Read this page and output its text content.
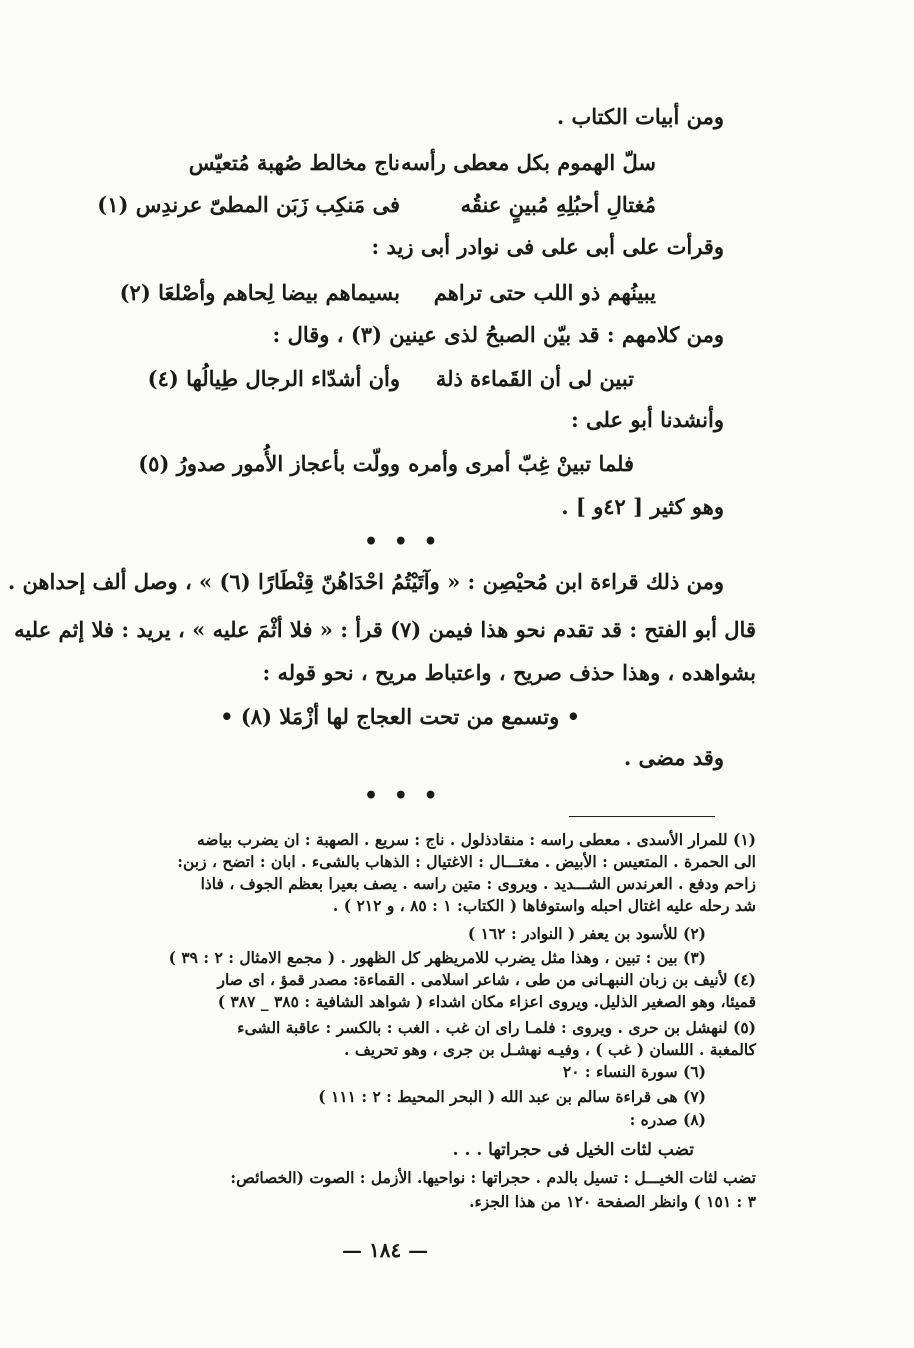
ومن أبيات الكتاب .
سلّ الهموم بكل معطى رأسه
ناج مخالط صُهبة مُتعيّس
مُغتالِ أحبُلِهِ مُبينٍ عنقُه
فى مَنكِب زَبَن المطىّ عرندِس (١)
وقرأت على أبى على فى نوادر أبى زيد :
يبينُهم ذو اللب حتى تراهم
بسيماهم بيضا لِحاهم وأصْلعَا (٢)
ومن كلامهم : قد بيّن الصبحُ لذى عينين (٣) ، وقال :
تبين لى أن القَماءة ذلة
وأن أشدّاء الرجال طِيالُها (٤)
وأنشدنا أبو على :
فلما تبينْ غِبّ أمرى وأمره
وولّت بأعجاز الأُمور صدورُ (٥)
وهو كثير [ ٤٢و ] .
• • •
ومن ذلك قراءة ابن مُحيْصِن : « وآتَيْتُمُ احْدَاهُنّ قِنْطَارًا (٦) » ، وصل ألف إحداهن .
قال أبو الفتح : قد تقدم نحو هذا فيمن (٧) قرأ : « فلا أثْمَ عليه » ، يريد : فلا إثم عليه
بشواهده ، وهذا حذف صريح ، واعتباط مريح ، نحو قوله :
• وتسمع من تحت العجاج لها أزْمَلا (٨) •
وقد مضى .
• • •
(١) للمرار الأسدى . معطى راسه : منقادذلول . ناج : سريع . الصهبة : ان يضرب بياضه
الى الحمرة . المتعيس : الأبيض . مغتـــال : الاغتيال : الذهاب بالشىء . ابان : اتضح ، زبن:
زاحم ودفع . العرندس الشـــديد . ويروى : متين راسه . يصف بعيرا بعظم الجوف ، فاذا
شد رحله عليه اغتال احبله واستوفاها ( الكتاب: ١ : ٨٥ ، و ٢١٢ ) .
(٢) للأسود بن يعفر ( النوادر : ١٦٢ )
(٣) بين : تبين ، وهذا مثل يضرب للامريظهر كل الظهور . ( مجمع الامثال : ٢ : ٣٩ )
(٤) لأنيف بن زبان النبهـانى من طى ، شاعر اسلامى . القماءة: مصدر قمؤ ، اى صار
قميئا، وهو الصغير الذليل. ويروى اعزاء مكان اشداء ( شواهد الشافية : ٣٨٥ _ ٣٨٧ )
(٥) لنهشل بن حرى . ويروى : فلمـا راى ان غب . الغب : بالكسر : عاقبة الشىء
كالمغبة . اللسان ( غب ) ، وفيـه نهشـل بن جرى ، وهو تحريف .
(٦) سورة النساء : ٢٠
(٧) هى قراءة سالم بن عبد الله ( البحر المحيط : ٢ : ١١١ )
(٨) صدره :
تضب لثات الخيل فى حجراتها . . .
تضب لثات الخيـــل : تسيل بالدم . حجراتها : نواحيها. الأزمل : الصوت (الخصائص:
٣ : ١٥١ ) وانظر الصفحة ١٢٠ من هذا الجزء.
— ١٨٤ —
